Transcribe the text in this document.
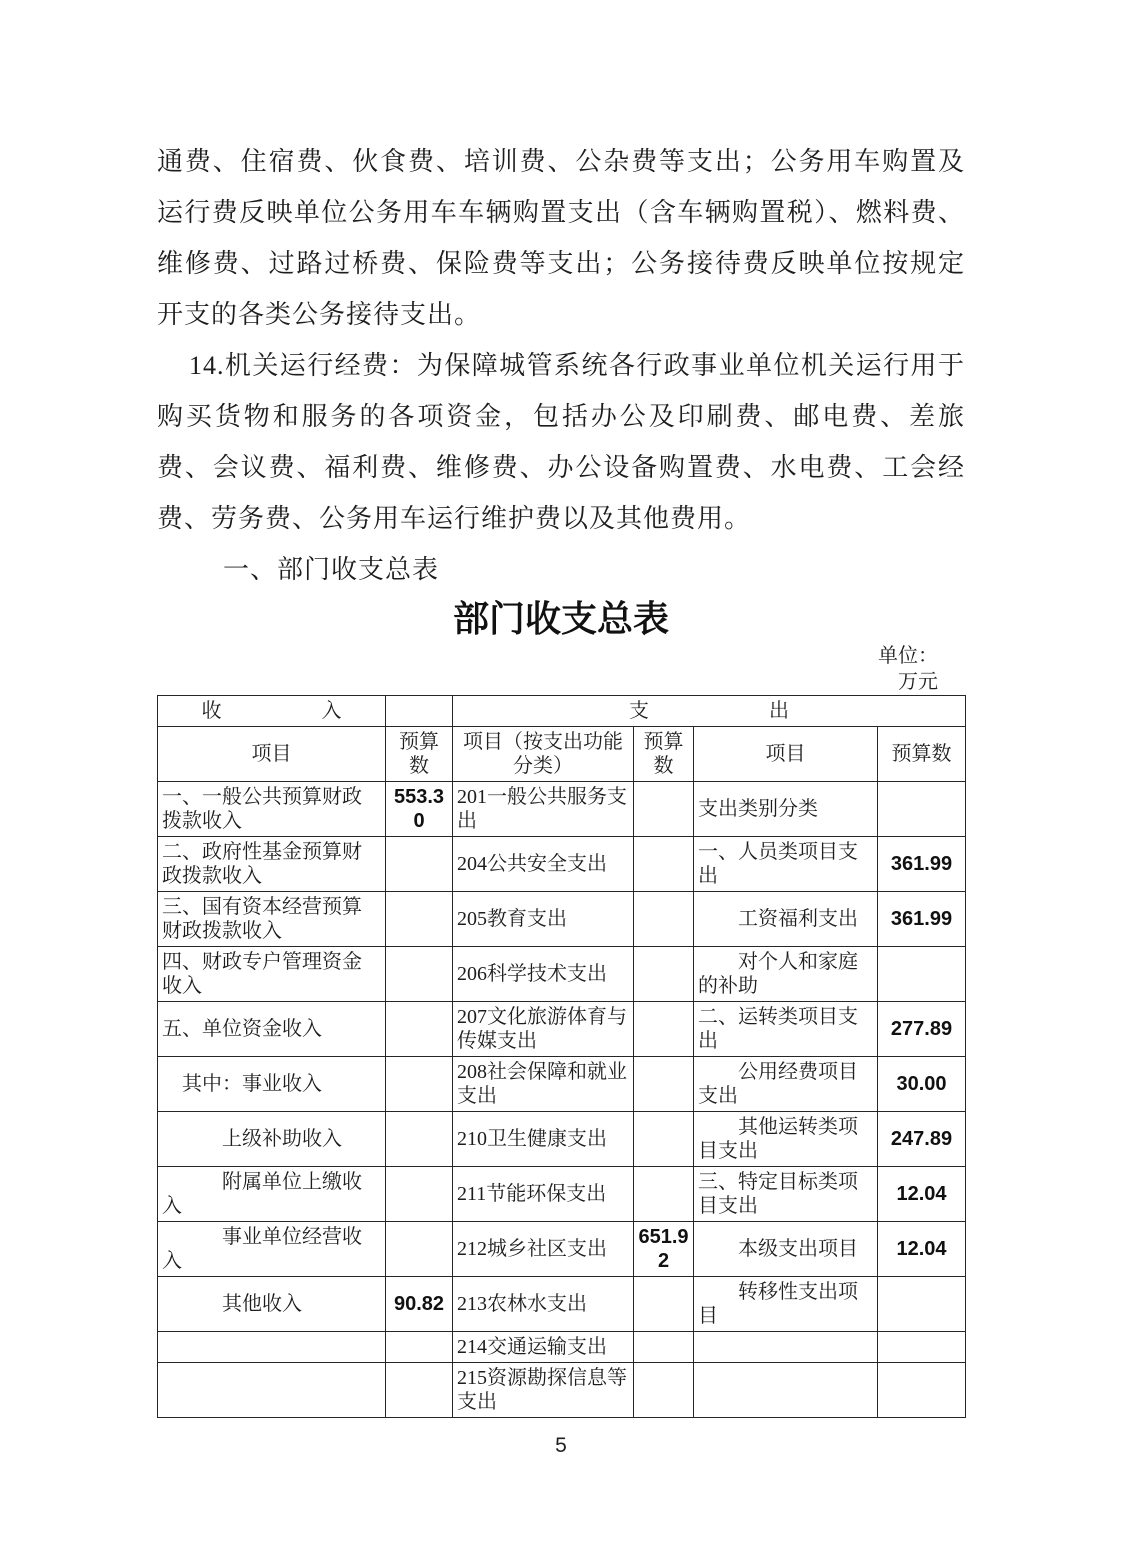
通费、住宿费、伙食费、培训费、公杂费等支出；公务用车购置及运行费反映单位公务用车车辆购置支出（含车辆购置税）、燃料费、维修费、过路过桥费、保险费等支出；公务接待费反映单位按规定开支的各类公务接待支出。

14.机关运行经费：为保障城管系统各行政事业单位机关运行用于购买货物和服务的各项资金，包括办公及印刷费、邮电费、差旅费、会议费、福利费、维修费、办公设备购置费、水电费、工会经费、劳务费、公务用车运行维护费以及其他费用。

一、部门收支总表

部门收支总表
单位：
万元
收　　　　　入		支　　　　　　出			
项目	预算数	项目（按支出功能分类）	预算数	项目	预算数
一、一般公共预算财政拨款收入	553.30	201一般公共服务支出		支出类别分类	
二、政府性基金预算财政拨款收入		204公共安全支出		一、人员类项目支出	361.99
三、国有资本经营预算财政拨款收入		205教育支出		　　工资福利支出	361.99
四、财政专户管理资金收入		206科学技术支出		　　对个人和家庭的补助	
五、单位资金收入		207文化旅游体育与传媒支出		二、运转类项目支出	277.89
　其中：事业收入		208社会保障和就业支出		　　公用经费项目支出	30.00
　　　上级补助收入		210卫生健康支出		　　其他运转类项目支出	247.89
　　　附属单位上缴收入		211节能环保支出		三、特定目标类项目支出	12.04
　　　事业单位经营收入		212城乡社区支出	651.92	　　本级支出项目	12.04
　　　其他收入	90.82	213农林水支出		　　转移性支出项目	
		214交通运输支出			
		215资源勘探信息等支出			
5
